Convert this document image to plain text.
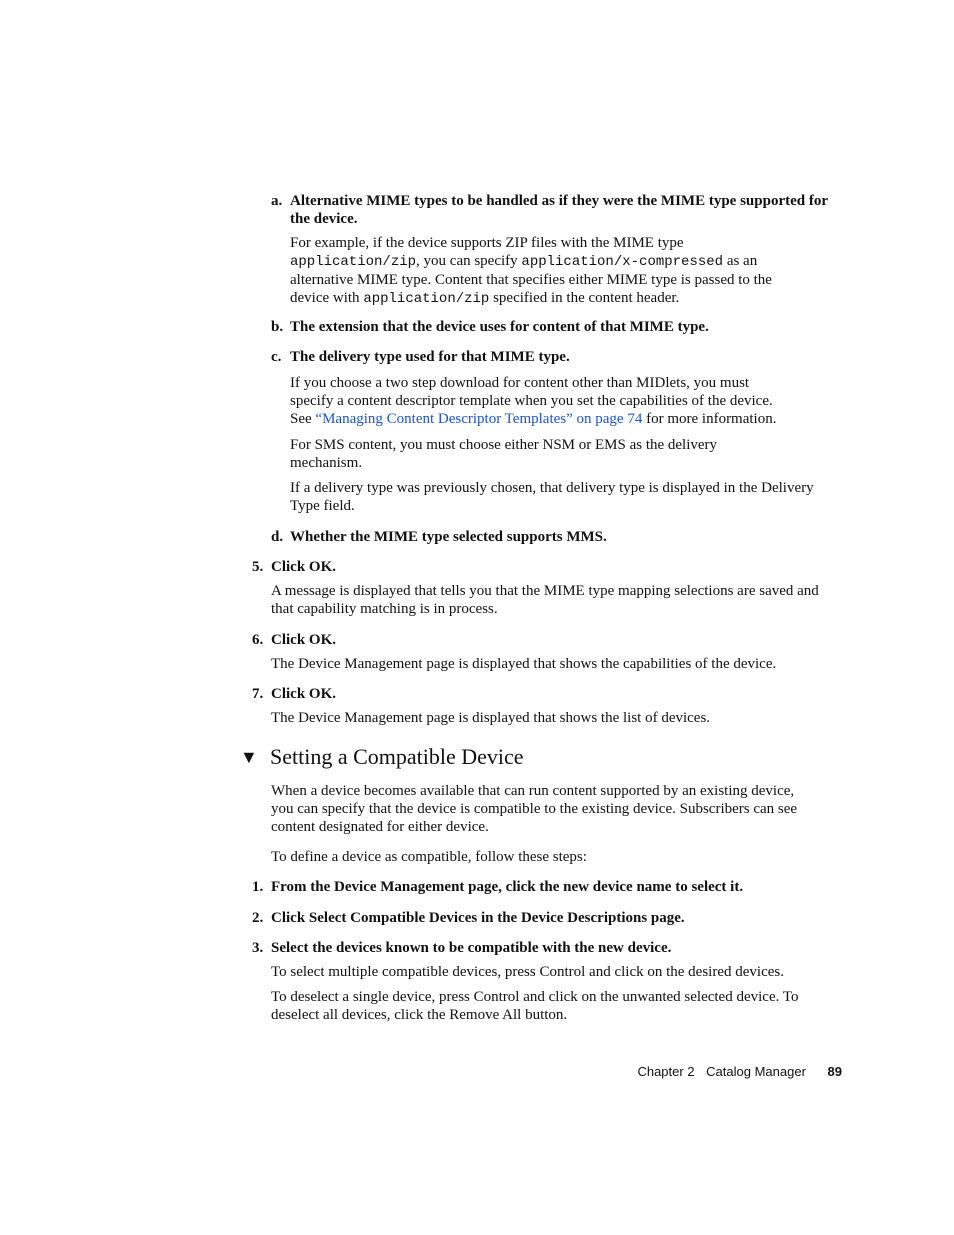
a. Alternative MIME types to be handled as if they were the MIME type supported for the device.
For example, if the device supports ZIP files with the MIME type
application/zip, you can specify application/x-compressed as an
alternative MIME type. Content that specifies either MIME type is passed to the
device with application/zip specified in the content header.
b. The extension that the device uses for content of that MIME type.
c. The delivery type used for that MIME type.
If you choose a two step download for content other than MIDlets, you must
specify a content descriptor template when you set the capabilities of the device.
See “Managing Content Descriptor Templates” on page 74 for more information.
For SMS content, you must choose either NSM or EMS as the delivery mechanism.
If a delivery type was previously chosen, that delivery type is displayed in the Delivery Type field.
d. Whether the MIME type selected supports MMS.
5. Click OK.
A message is displayed that tells you that the MIME type mapping selections are saved and that capability matching is in process.
6. Click OK.
The Device Management page is displayed that shows the capabilities of the device.
7. Click OK.
The Device Management page is displayed that shows the list of devices.
▼ Setting a Compatible Device
When a device becomes available that can run content supported by an existing device, you can specify that the device is compatible to the existing device. Subscribers can see content designated for either device.
To define a device as compatible, follow these steps:
1. From the Device Management page, click the new device name to select it.
2. Click Select Compatible Devices in the Device Descriptions page.
3. Select the devices known to be compatible with the new device.
To select multiple compatible devices, press Control and click on the desired devices.
To deselect a single device, press Control and click on the unwanted selected device. To deselect all devices, click the Remove All button.
Chapter 2 Catalog Manager 89
